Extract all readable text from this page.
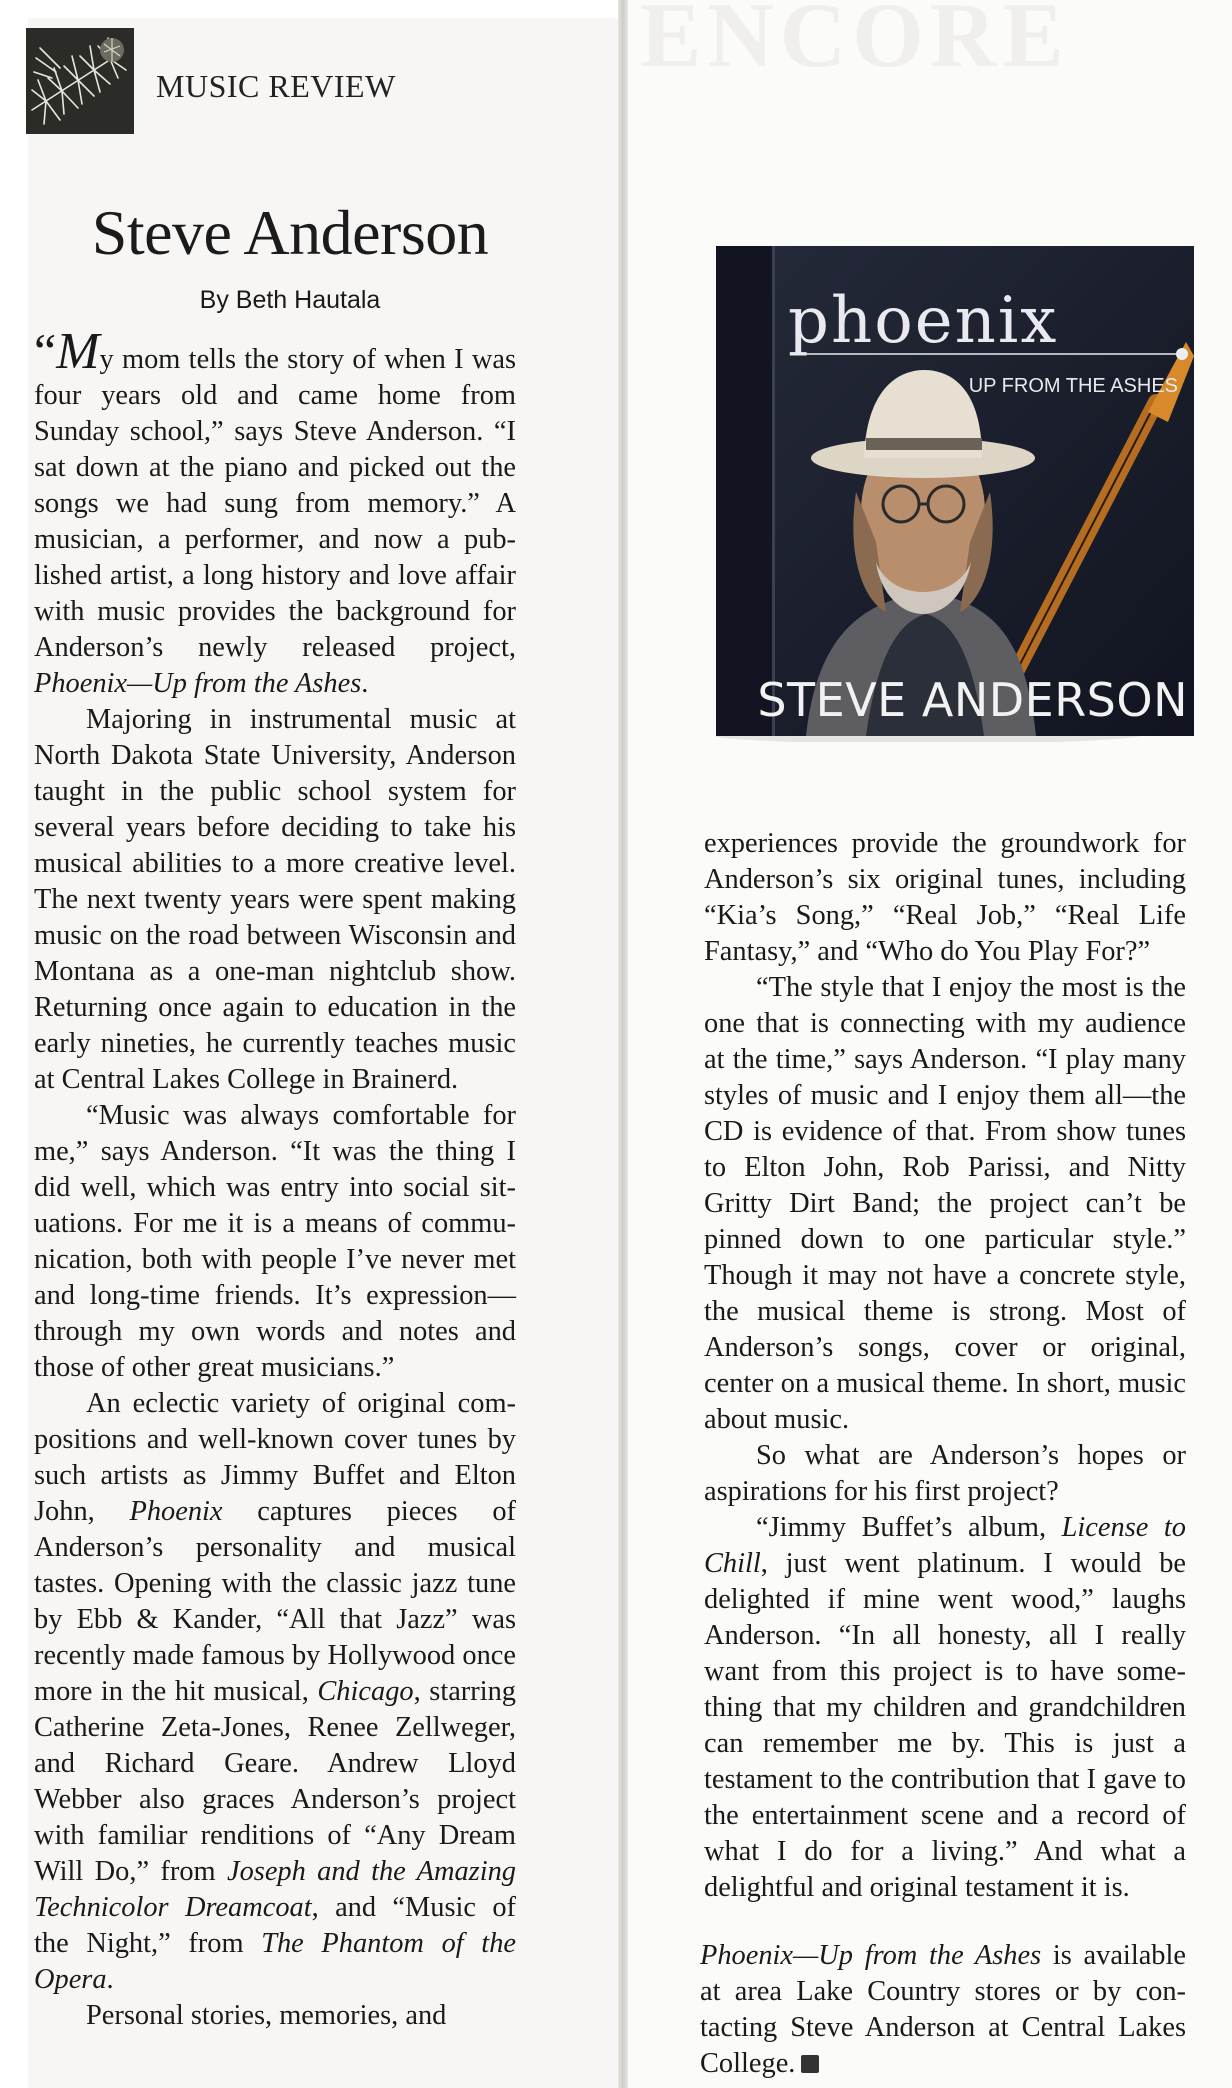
ENCORE
MUSIC REVIEW
Steve Anderson
By Beth Hautala

“My mom tells the story of when I was four years old and came home from Sunday school,” says Steve Anderson. “I sat down at the piano and picked out the songs we had sung from memory.” A musician, a performer, and now a published artist, a long history and love affair with music provides the background for Anderson’s newly released project, Phoenix—Up from the Ashes.

Majoring in instrumental music at North Dakota State University, Anderson taught in the public school system for several years before deciding to take his musical abilities to a more creative level. The next twenty years were spent making music on the road between Wisconsin and Montana as a one-man nightclub show. Returning once again to education in the early nineties, he currently teaches music at Central Lakes College in Brainerd.

“Music was always comfortable for me,” says Anderson. “It was the thing I did well, which was entry into social situations. For me it is a means of communication, both with people I’ve never met and long-time friends. It’s expression—through my own words and notes and those of other great musicians.”

An eclectic variety of original compositions and well-known cover tunes by such artists as Jimmy Buffet and Elton John, Phoenix captures pieces of Anderson’s personality and musical tastes. Opening with the classic jazz tune by Ebb & Kander, “All that Jazz” was recently made famous by Hollywood once more in the hit musical, Chicago, starring Catherine Zeta-Jones, Renee Zellweger, and Richard Geare. Andrew Lloyd Webber also graces Anderson’s project with familiar renditions of “Any Dream Will Do,” from Joseph and the Amazing Technicolor Dreamcoat, and “Music of the Night,” from The Phantom of the Opera.

Personal stories, memories, and

phoenix
UP FROM THE ASHES
STEVE ANDERSON

experiences provide the groundwork for Anderson’s six original tunes, including “Kia’s Song,” “Real Job,” “Real Life Fantasy,” and “Who do You Play For?”

“The style that I enjoy the most is the one that is connecting with my audience at the time,” says Anderson. “I play many styles of music and I enjoy them all—the CD is evidence of that. From show tunes to Elton John, Rob Parissi, and Nitty Gritty Dirt Band; the project can’t be pinned down to one particular style.” Though it may not have a concrete style, the musical theme is strong. Most of Anderson’s songs, cover or original, center on a musical theme. In short, music about music.

So what are Anderson’s hopes or aspirations for his first project?

“Jimmy Buffet’s album, License to Chill, just went platinum. I would be delighted if mine went wood,” laughs Anderson. “In all honesty, all I really want from this project is to have something that my children and grandchildren can remember me by. This is just a testament to the contribution that I gave to the entertainment scene and a record of what I do for a living.” And what a delightful and original testament it is.

Phoenix—Up from the Ashes is available at area Lake Country stores or by contacting Steve Anderson at Central Lakes College.
